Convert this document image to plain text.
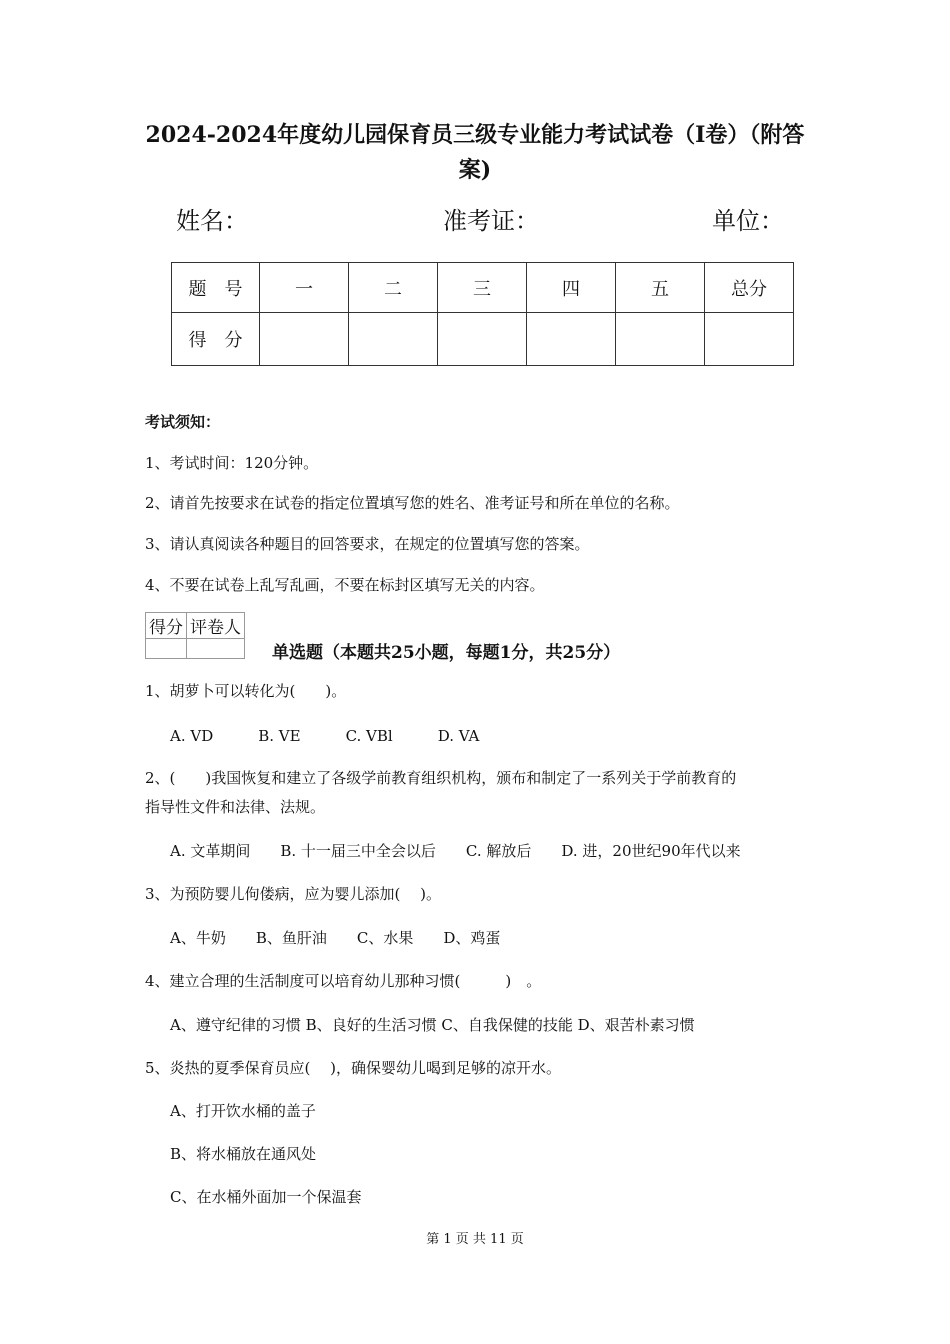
2024-2024年度幼儿园保育员三级专业能力考试试卷（I卷）（附答
案)
姓名：	准考证：	单位：
题　号	一	二	三	四	五	总分
得　分						
考试须知：
1、考试时间：120分钟。
2、请首先按要求在试卷的指定位置填写您的姓名、准考证号和所在单位的名称。
3、请认真阅读各种题目的回答要求，在规定的位置填写您的答案。
4、不要在试卷上乱写乱画，不要在标封区填写无关的内容。
得分	评卷人

单选题（本题共25小题，每题1分，共25分）
1、胡萝卜可以转化为(　　)。
A. VD　　　B. VE　　　C. VBl　　　D. VA
2、(　　)我国恢复和建立了各级学前教育组织机构，颁布和制定了一系列关于学前教育的
指导性文件和法律、法规。
A. 文革期间　　B. 十一届三中全会以后　　C. 解放后　　D. 进，20世纪90年代以来
3、为预防婴儿佝偻病，应为婴儿添加(　 )。
A、牛奶　　B、鱼肝油　　C、水果　　D、鸡蛋
4、建立合理的生活制度可以培育幼儿那种习惯(　　　)　。
A、遵守纪律的习惯 B、良好的生活习惯 C、自我保健的技能 D、艰苦朴素习惯
5、炎热的夏季保育员应(　 )，确保婴幼儿喝到足够的凉开水。
A、打开饮水桶的盖子
B、将水桶放在通风处
C、在水桶外面加一个保温套
第 1 页 共 11 页
